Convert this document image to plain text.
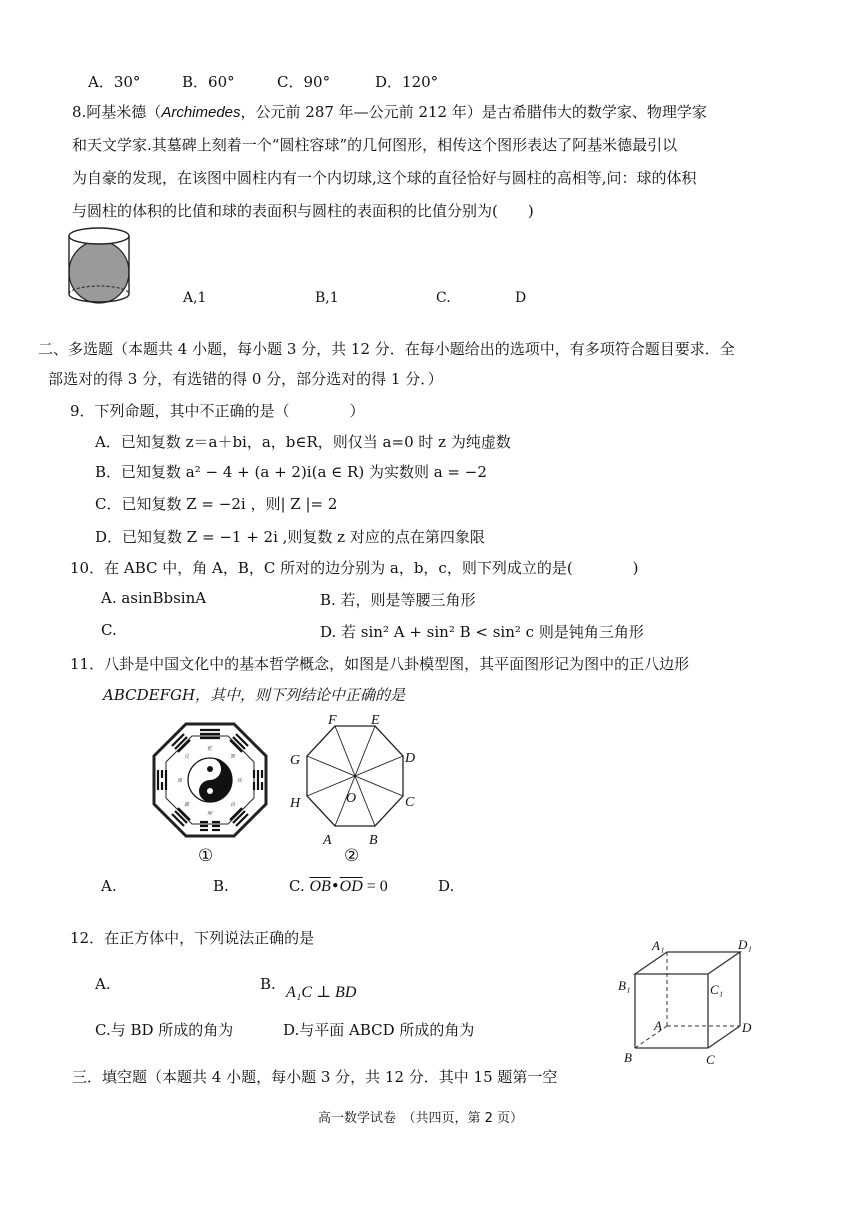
A．30°	B．60°	C．90°	D．120°
8.阿基米德（Archimedes，公元前 287 年—公元前 212 年）是古希腊伟大的数学家、物理学家
和天文学家.其墓碑上刻着一个“圆柱容球”的几何图形，相传这个图形表达了阿基米德最引以
为自豪的发现，在该图中圆柱内有一个内切球,这个球的直径恰好与圆柱的高相等,问：球的体积
与圆柱的体积的比值和球的表面积与圆柱的表面积的比值分别为(　　)
A,1	B,1	C.	D
二、多选题（本题共 4 小题，每小题 3 分，共 12 分．在每小题给出的选项中，有多项符合题目要求．全
部选对的得 3 分，有选错的得 0 分，部分选对的得 1 分．）
9．下列命题，其中不正确的是（　　　　）
A．已知复数 z＝a＋bi，a，b∈R，则仅当 a=0 时 z 为纯虚数
B．已知复数 a² − 4 + (a + 2)i(a ∈ R) 为实数则 a = −2
C．已知复数 Z = −2i ，则| Z |= 2
D．已知复数 Z = −1 + 2i ,则复数 z 对应的点在第四象限
10．在 ABC 中，角 A，B，C 所对的边分别为 a，b，c，则下列成立的是(　　　　)
A. asinBbsinA	B. 若，则是等腰三角形
C.	D. 若 sin² A + sin² B < sin² c 则是钝角三角形
11．八卦是中国文化中的基本哲学概念，如图是八卦模型图，其平面图形记为图中的正八边形
ABCDEFGH，其中，则下列结论中正确的是
乾
巽
坎
艮
坤
震
离
兑
①
F E
D
C
B
A
H
G
O
②
A.	B.	C. $\overline{OB}•\overline{OD} = 0$	D.
12．在正方体中，下列说法正确的是
A.	B. A₁C ⊥ BD
C.与 BD 所成的角为	D.与平面 ABCD 所成的角为
A₁	D₁
B₁	C₁
A	D
B	C
三．填空题（本题共 4 小题，每小题 3 分，共 12 分．其中 15 题第一空
高一数学试卷　（共四页，第 2 页）
